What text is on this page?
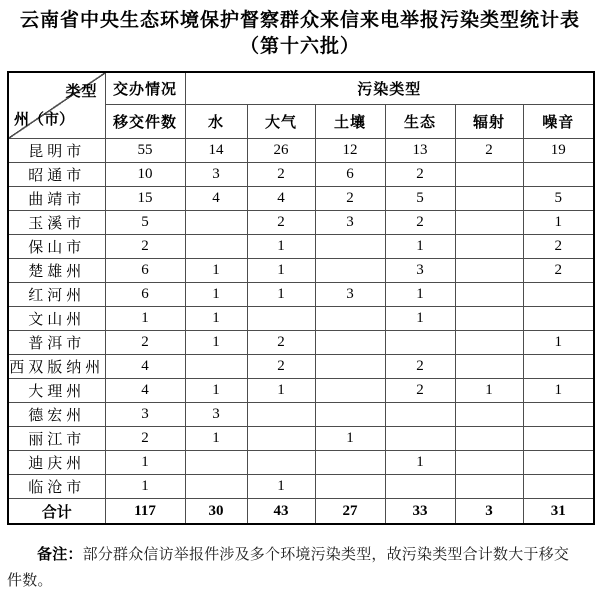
云南省中央生态环境保护督察群众来信来电举报污染类型统计表
（第十六批）
类型
州（市）	交办情况	污染类型					
	移交件数	水	大气	土壤	生态	辐射	噪音
昆明市	55	14	26	12	13	2	19
昭通市	10	3	2	6	2		
曲靖市	15	4	4	2	5		5
玉溪市	5		2	3	2		1
保山市	2		1		1		2
楚雄州	6	1	1		3		2
红河州	6	1	1	3	1		
文山州	1	1			1		
普洱市	2	1	2				1
西双版纳州	4		2		2		
大理州	4	1	1		2	1	1
德宏州	3	3					
丽江市	2	1		1			
迪庆州	1				1		
临沧市	1		1				
合计	117	30	43	27	33	3	31

备注：部分群众信访举报件涉及多个环境污染类型，故污染类型合计数大于移交件数。
